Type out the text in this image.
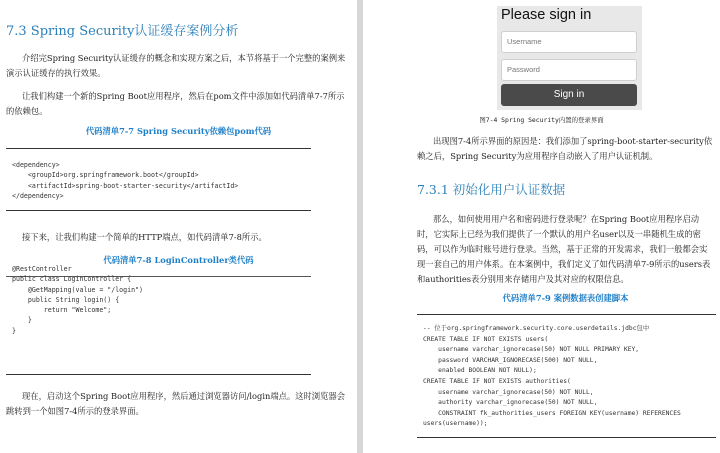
7.3 Spring Security认证缓存案例分析

介绍完Spring Security认证缓存的概念和实现方案之后，本节将基于一个完整的案例来演示认证缓存的执行效果。

让我们构建一个新的Spring Boot应用程序，然后在pom文件中添加如代码清单7-7所示的依赖包。

代码清单7-7 Spring Security依赖包pom代码
<dependency>
<groupId>org.springframework.boot</groupId>
<artifactId>spring-boot-starter-security</artifactId>
</dependency>

接下来，让我们构建一个简单的HTTP端点，如代码清单7-8所示。

代码清单7-8 LoginController类代码
@RestController
public class LoginController {
@GetMapping(value = "/login")
public String login() {
return "Welcome";
}
}

现在，启动这个Spring Boot应用程序，然后通过浏览器访问/login端点。这时浏览器会跳转到一个如图7-4所示的登录界面。

Please sign in
Username
Password
Sign in
图7-4 Spring Security内置的登录界面

出现图7-4所示界面的原因是：我们添加了spring-boot-starter-security依赖之后，Spring Security为应用程序自动嵌入了用户认证机制。

7.3.1 初始化用户认证数据

那么，如何使用用户名和密码进行登录呢？在Spring Boot应用程序启动时，它实际上已经为我们提供了一个默认的用户名user以及一串随机生成的密码，可以作为临时账号进行登录。当然，基于正常的开发需求，我们一般都会实现一套自己的用户体系。在本案例中，我们定义了如代码清单7-9所示的users表和authorities表分别用来存储用户及其对应的权限信息。

代码清单7-9 案例数据表创建脚本
-- 位于org.springframework.security.core.userdetails.jdbc包中
CREATE TABLE IF NOT EXISTS users(
username varchar_ignorecase(50) NOT NULL PRIMARY KEY,
password VARCHAR_IGNORECASE(500) NOT NULL,
enabled BOOLEAN NOT NULL);
CREATE TABLE IF NOT EXISTS authorities(
username varchar_ignorecase(50) NOT NULL,
authority varchar_ignorecase(50) NOT NULL,
CONSTRAINT fk_authorities_users FOREIGN KEY(username) REFERENCES
users(username));
